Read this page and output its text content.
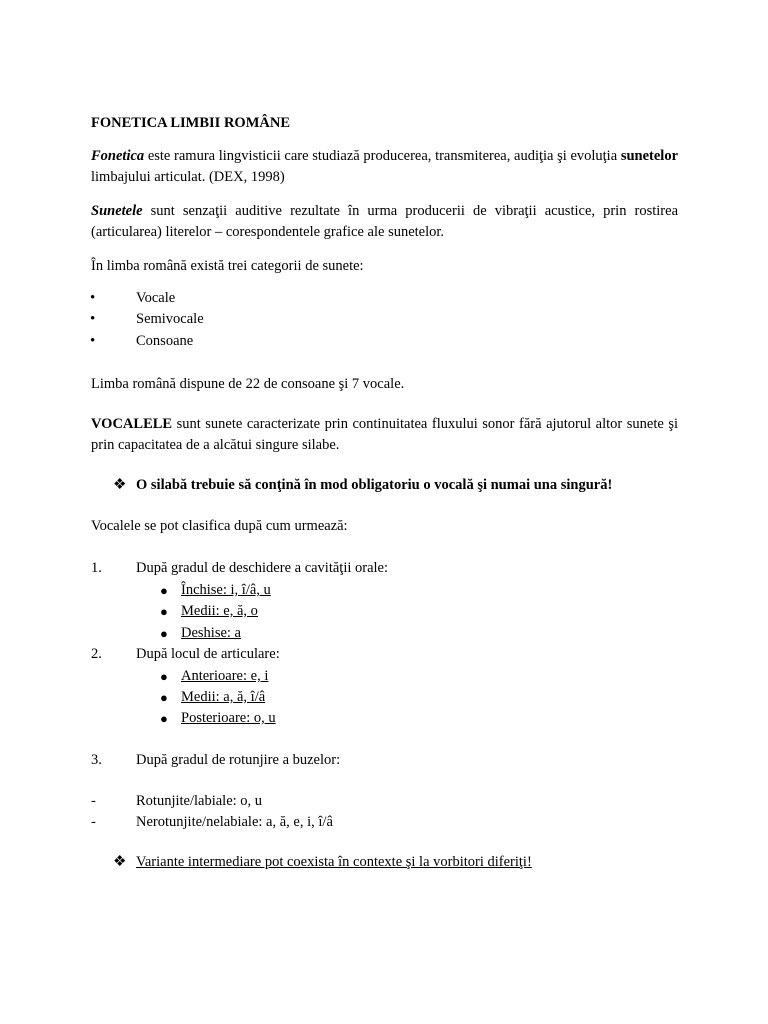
FONETICA LIMBII ROMÂNE
Fonetica este ramura lingvisticii care studiază producerea, transmiterea, audiţia şi evoluţia sunetelor limbajului articulat. (DEX, 1998)
Sunetele sunt senzaţii auditive rezultate în urma producerii de vibraţii acustice, prin rostirea (articularea) literelor – corespondentele grafice ale sunetelor.
În limba română există trei categorii de sunete:
•	Vocale
•	Semivocale
•	Consoane
Limba română dispune de 22 de consoane şi 7 vocale.
VOCALELE sunt sunete caracterizate prin continuitatea fluxului sonor fără ajutorul altor sunete şi prin capacitatea de a alcătui singure silabe.
❖ O silabă trebuie să conţină în mod obligatoriu o vocală şi numai una singură!
Vocalele se pot clasifica după cum urmează:
1. După gradul de deschidere a cavităţii orale:
● Închise: i, î/â, u
● Medii: e, ă, o
● Deshise: a
2. După locul de articulare:
● Anterioare: e, i
● Medii: a, ă, î/â
● Posterioare: o, u
3. După gradul de rotunjire a buzelor:
-	Rotunjite/labiale: o, u
-	Nerotunjite/nelabiale: a, ă, e, i, î/â
❖ Variante intermediare pot coexista în contexte şi la vorbitori diferiţi!
